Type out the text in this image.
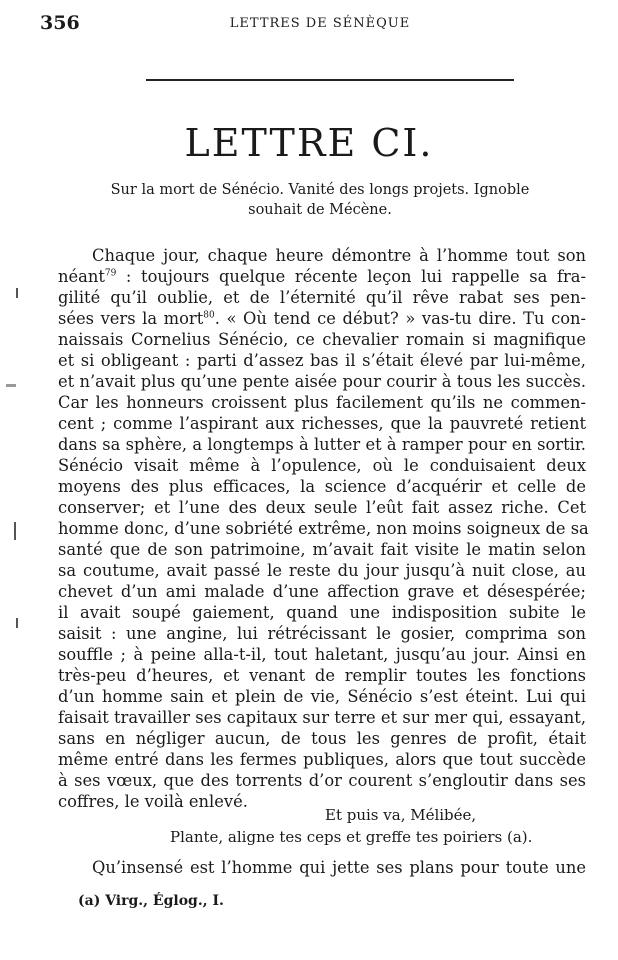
356	LETTRES DE SÉNÈQUE
LETTRE CI.
Sur la mort de Sénécio. Vanité des longs projets. Ignoble
souhait de Mécène.
Chaque jour, chaque heure démontre à l’homme tout son
néant$^{79}$ : toujours quelque récente leçon lui rappelle sa fra-
gilité qu’il oublie, et de l’éternité qu’il rêve rabat ses pen-
sées vers la mort$^{80}$. « Où tend ce début? » vas-tu dire. Tu con-
naissais Cornelius Sénécio, ce chevalier romain si magnifique
et si obligeant : parti d’assez bas il s’était élevé par lui-même,
et n’avait plus qu’une pente aisée pour courir à tous les succès.
Car les honneurs croissent plus facilement qu’ils ne commen-
cent ; comme l’aspirant aux richesses, que la pauvreté retient
dans sa sphère, a longtemps à lutter et à ramper pour en sortir.
Sénécio visait même à l’opulence, où le conduisaient deux
moyens des plus efficaces, la science d’acquérir et celle de
conserver; et l’une des deux seule l’eût fait assez riche. Cet
homme donc, d’une sobriété extrême, non moins soigneux de sa
santé que de son patrimoine, m’avait fait visite le matin selon
sa coutume, avait passé le reste du jour jusqu’à nuit close, au
chevet d’un ami malade d’une affection grave et désespérée;
il avait soupé gaiement, quand une indisposition subite le
saisit : une angine, lui rétrécissant le gosier, comprima son
souffle ; à peine alla-t-il, tout haletant, jusqu’au jour. Ainsi en
très-peu d’heures, et venant de remplir toutes les fonctions
d’un homme sain et plein de vie, Sénécio s’est éteint. Lui qui
faisait travailler ses capitaux sur terre et sur mer qui, essayant,
sans en négliger aucun, de tous les genres de profit, était
même entré dans les fermes publiques, alors que tout succède
à ses vœux, que des torrents d’or courent s’engloutir dans ses
coffres, le voilà enlevé.
Et puis va, Mélibée,
Plante, aligne tes ceps et greffe tes poiriers (a).
Qu’insensé est l’homme qui jette ses plans pour toute une
(a) Virg., Églog., I.
